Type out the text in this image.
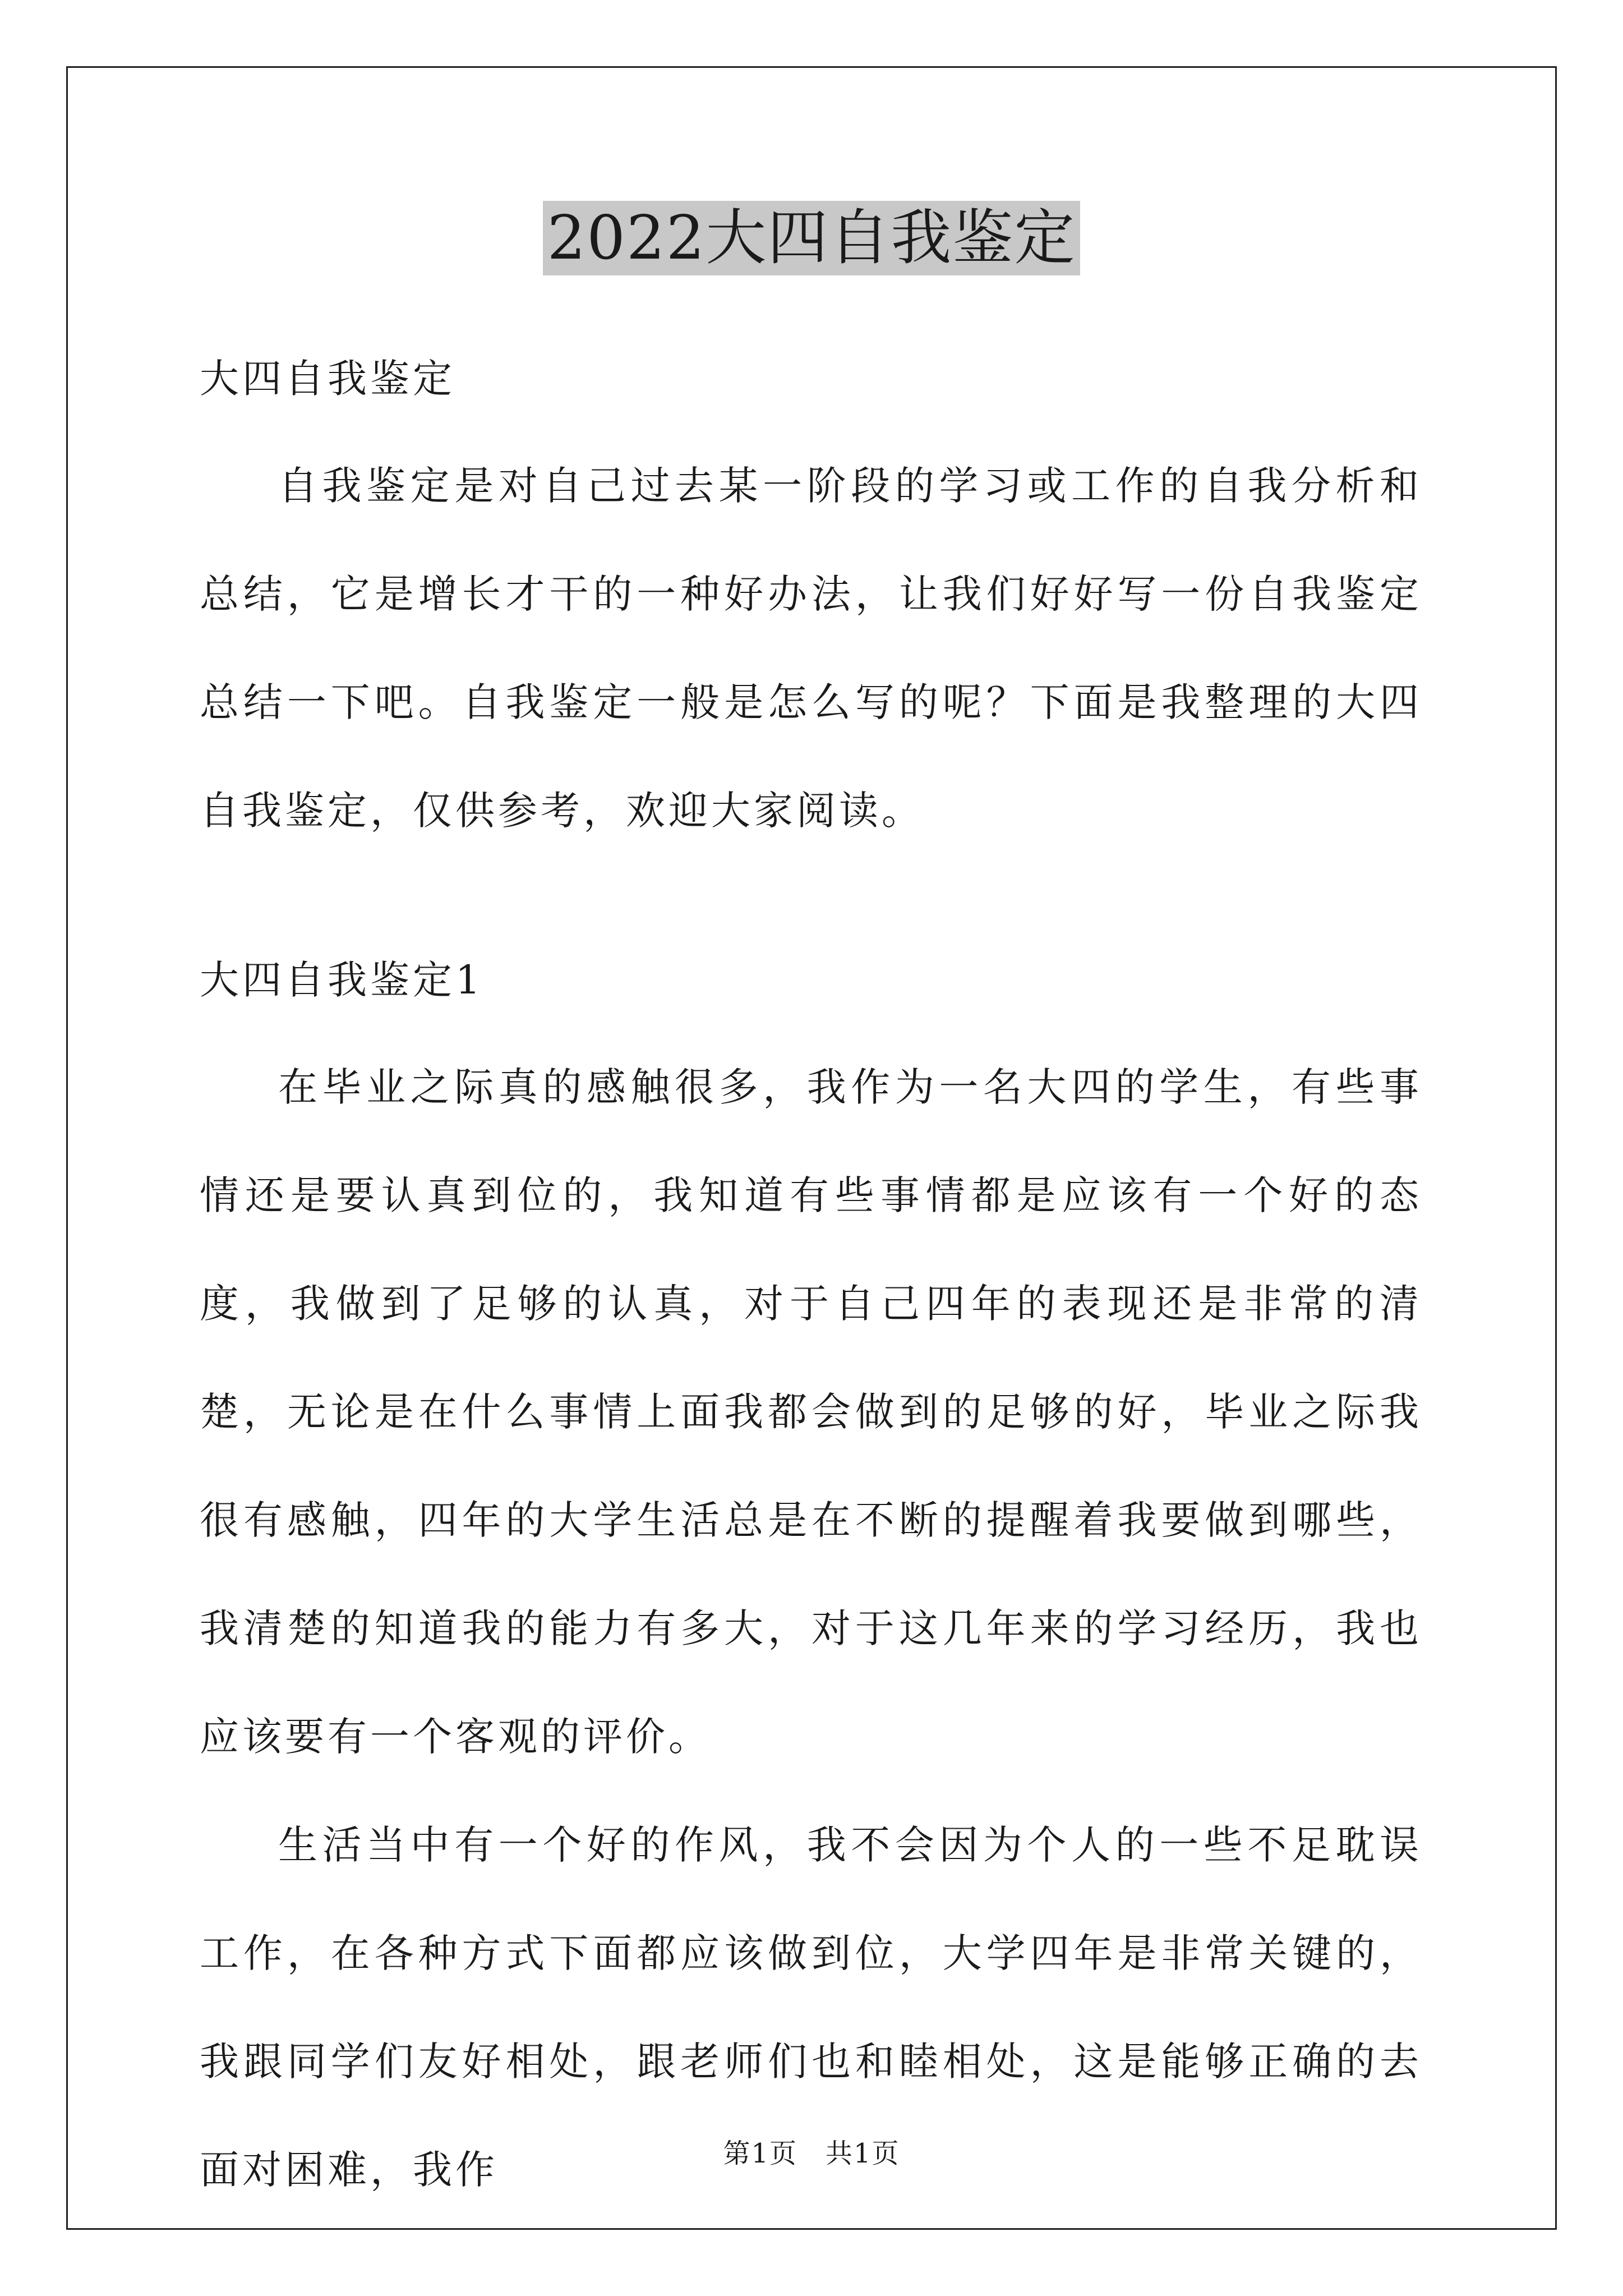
2022大四自我鉴定

大四自我鉴定

自我鉴定是对自己过去某一阶段的学习或工作的自我分析和总结，它是增长才干的一种好办法，让我们好好写一份自我鉴定总结一下吧。自我鉴定一般是怎么写的呢？下面是我整理的大四自我鉴定，仅供参考，欢迎大家阅读。

大四自我鉴定1

在毕业之际真的感触很多，我作为一名大四的学生，有些事情还是要认真到位的，我知道有些事情都是应该有一个好的态度，我做到了足够的认真，对于自己四年的表现还是非常的清楚，无论是在什么事情上面我都会做到的足够的好，毕业之际我很有感触，四年的大学生活总是在不断的提醒着我要做到哪些，我清楚的知道我的能力有多大，对于这几年来的学习经历，我也应该要有一个客观的评价。

生活当中有一个好的作风，我不会因为个人的一些不足耽误工作，在各种方式下面都应该做到位，大学四年是非常关键的，我跟同学们友好相处，跟老师们也和睦相处，这是能够正确的去面对困难，我作	第1页　共1页
